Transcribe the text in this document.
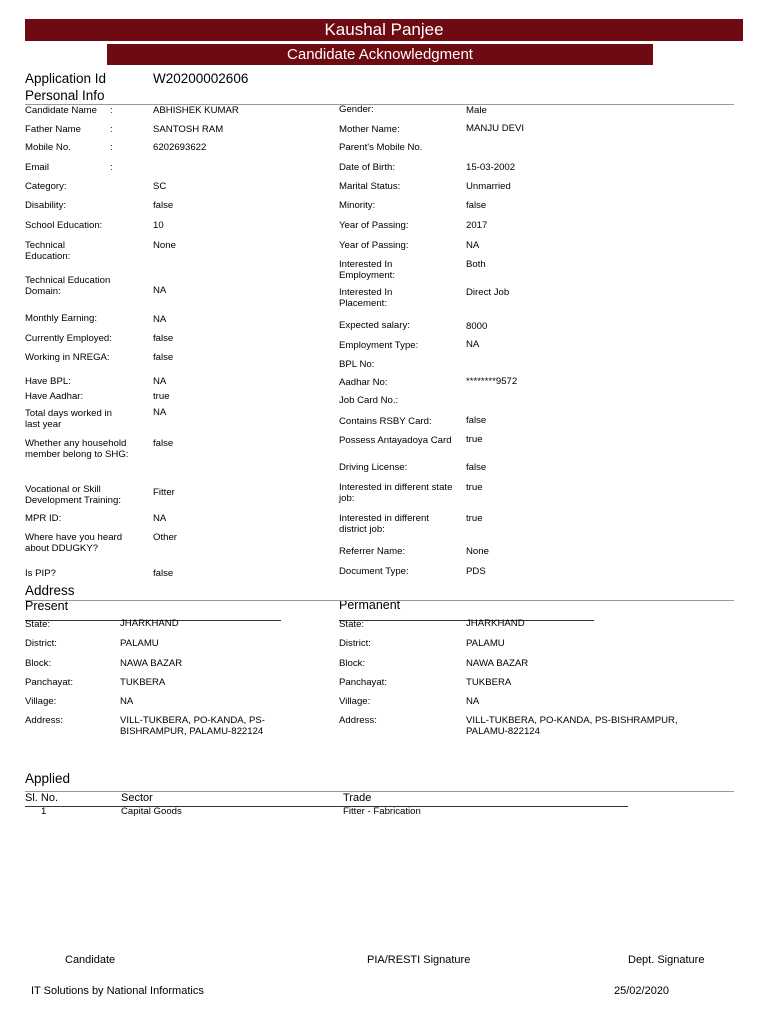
Kaushal Panjee
Candidate Acknowledgment
Application Id	W20200002606
Personal Info
Candidate Name :	ABHISHEK KUMAR
Father Name	:	SANTOSH RAM
Mobile No.	:	6202693622
Email	:
Category:	SC
Disability:	false
School Education:	10
Technical Education:
None
Technical Education Domain:	NA
Monthly Earning:	NA
Currently Employed:	false
Working in NREGA:	false
Have BPL:	NA
Have Aadhar:	true
Total days worked in last year
NA
Whether any household member belong to SHG:
false
Vocational or Skill Development Training:
Fitter
MPR ID:	NA
Where have you heard about DDUGKY?
Other
Is PIP?	false
Gender:	Male
Mother Name:	MANJU DEVI
Parent's Mobile No.
Date of Birth:	15-03-2002
Marital Status:	Unmarried
Minority:	false
Year of Passing:	2017
Year of Passing:	NA
Interested In Employment:
Both
Interested In Placement:
Direct Job
Expected salary:	8000
Employment Type:	NA
BPL No:
Aadhar No:	********9572
Job Card No.:
Contains RSBY Card:	false
Possess Antayadoya Card true
Driving License:	false
Interested in different state job:
true
Interested in different district job:
true
Referrer Name:	None
Document Type:	PDS
Address
Present	Permanent
State:	JHARKHAND
District:	PALAMU
Block:	NAWA BAZAR
Panchayat:	TUKBERA
Village:	NA
Address:	VILL-TUKBERA, PO-KANDA, PS-BISHRAMPUR, PALAMU-822124
State:	JHARKHAND
District:	PALAMU
Block:	NAWA BAZAR
Panchayat:	TUKBERA
Village:	NA
Address:	VILL-TUKBERA, PO-KANDA, PS-BISHRAMPUR, PALAMU-822124
Applied
Sl. No.	Sector	Trade
1	Capital Goods	Fitter - Fabrication
Candidate	PIA/RESTI Signature	Dept. Signature
IT Solutions by National Informatics	25/02/2020
